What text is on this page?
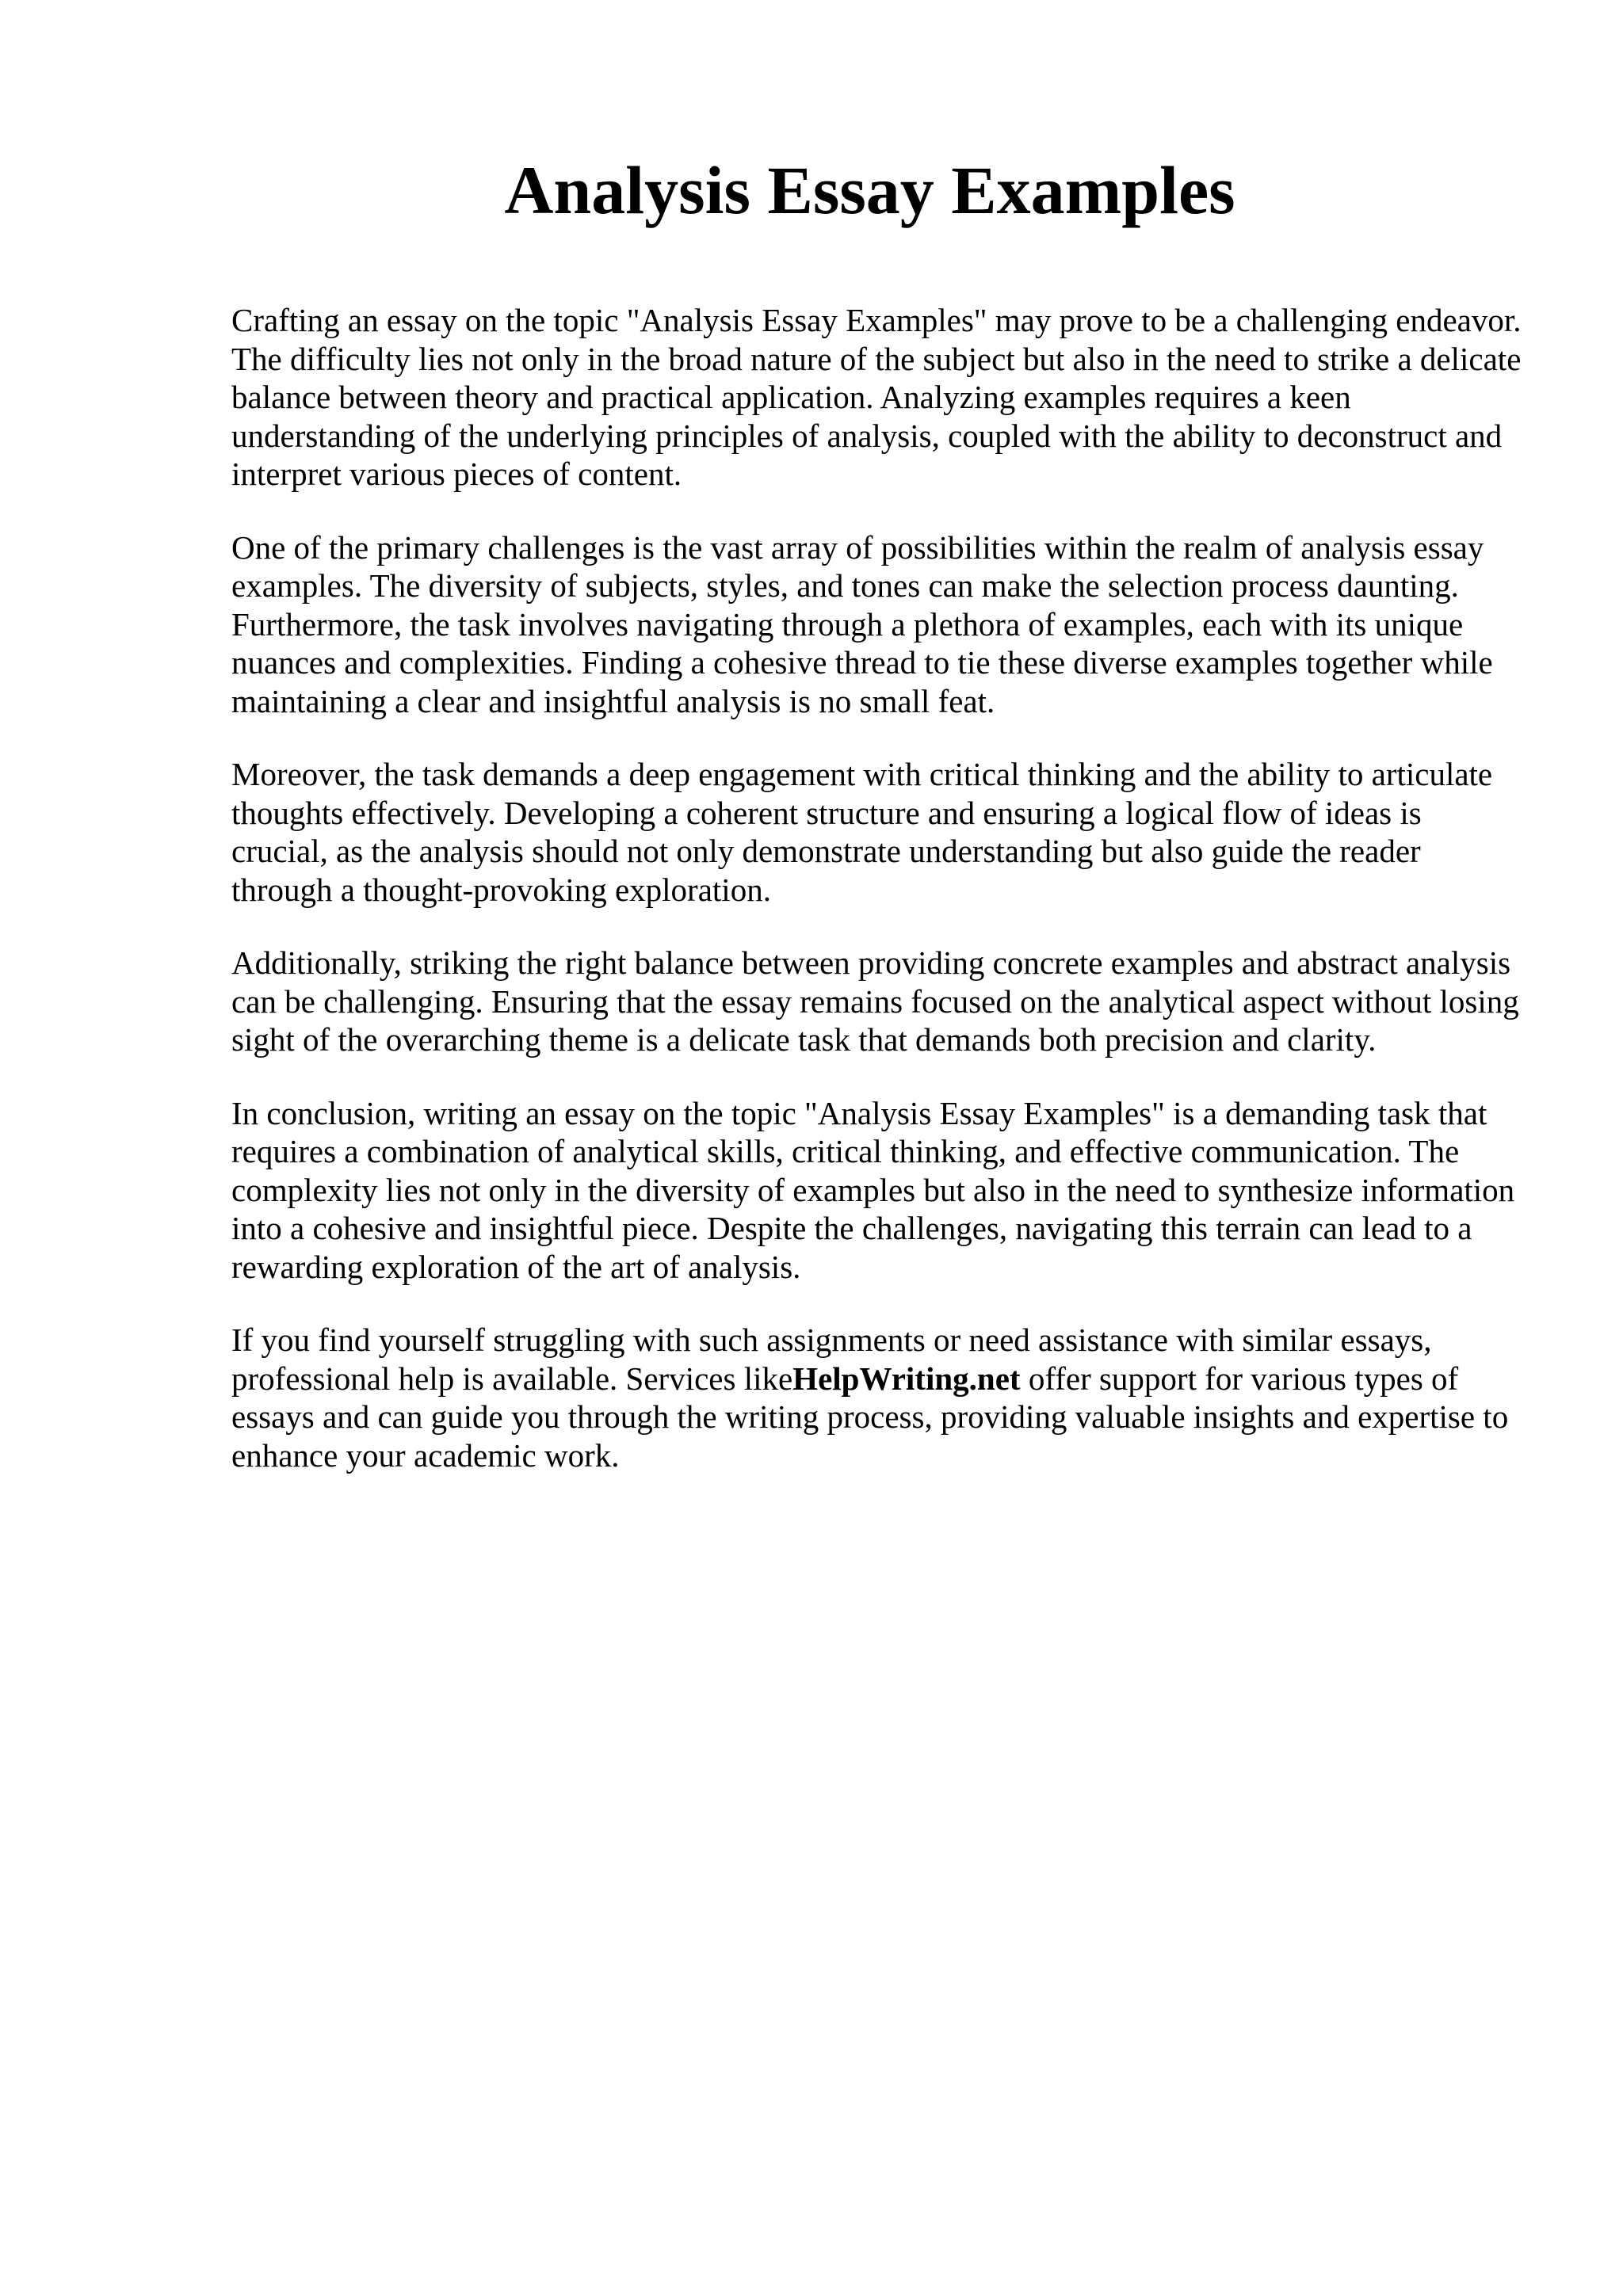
Analysis Essay Examples

Crafting an essay on the topic "Analysis Essay Examples" may prove to be a challenging endeavor. The difficulty lies not only in the broad nature of the subject but also in the need to strike a delicate balance between theory and practical application. Analyzing examples requires a keen understanding of the underlying principles of analysis, coupled with the ability to deconstruct and interpret various pieces of content.

One of the primary challenges is the vast array of possibilities within the realm of analysis essay examples. The diversity of subjects, styles, and tones can make the selection process daunting. Furthermore, the task involves navigating through a plethora of examples, each with its unique nuances and complexities. Finding a cohesive thread to tie these diverse examples together while maintaining a clear and insightful analysis is no small feat.

Moreover, the task demands a deep engagement with critical thinking and the ability to articulate thoughts effectively. Developing a coherent structure and ensuring a logical flow of ideas is crucial, as the analysis should not only demonstrate understanding but also guide the reader through a thought-provoking exploration.

Additionally, striking the right balance between providing concrete examples and abstract analysis can be challenging. Ensuring that the essay remains focused on the analytical aspect without losing sight of the overarching theme is a delicate task that demands both precision and clarity.

In conclusion, writing an essay on the topic "Analysis Essay Examples" is a demanding task that requires a combination of analytical skills, critical thinking, and effective communication. The complexity lies not only in the diversity of examples but also in the need to synthesize information into a cohesive and insightful piece. Despite the challenges, navigating this terrain can lead to a rewarding exploration of the art of analysis.

If you find yourself struggling with such assignments or need assistance with similar essays, professional help is available. Services likeHelpWriting.net offer support for various types of essays and can guide you through the writing process, providing valuable insights and expertise to enhance your academic work.
